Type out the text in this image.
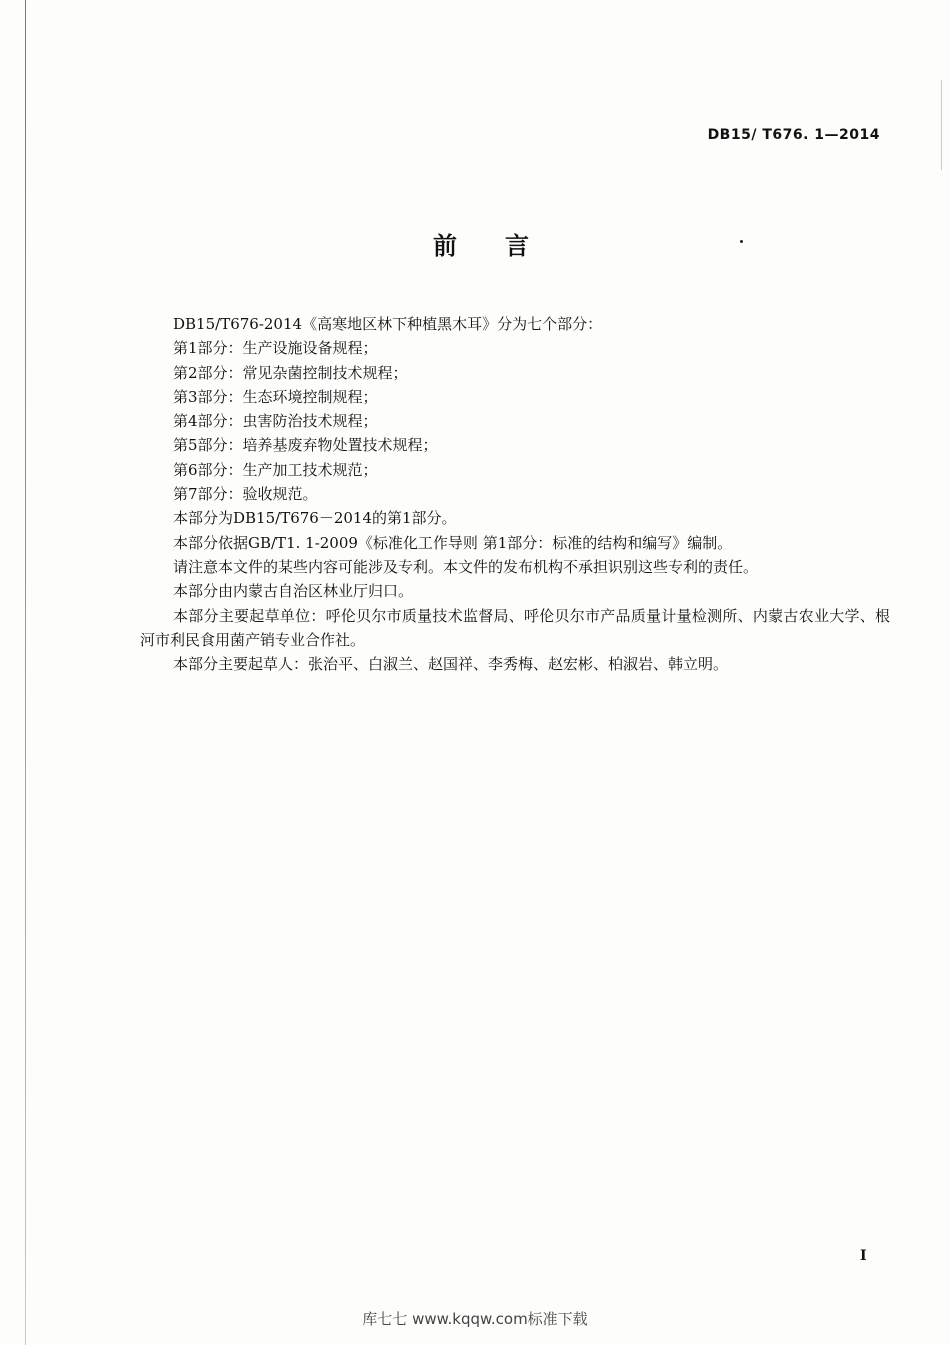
DB15/ T676. 1—2014
前言

DB15/T676-2014《高寒地区林下种植黑木耳》分为七个部分：

第1部分：生产设施设备规程；

第2部分：常见杂菌控制技术规程；

第3部分：生态环境控制规程；

第4部分：虫害防治技术规程；

第5部分：培养基废弃物处置技术规程；

第6部分：生产加工技术规范；

第7部分：验收规范。

本部分为DB15/T676－2014的第1部分。

本部分依据GB/T1. 1-2009《标准化工作导则 第1部分：标准的结构和编写》编制。

请注意本文件的某些内容可能涉及专利。本文件的发布机构不承担识别这些专利的责任。

本部分由内蒙古自治区林业厅归口。

本部分主要起草单位：呼伦贝尔市质量技术监督局、呼伦贝尔市产品质量计量检测所、内蒙古农业大学、根河市利民食用菌产销专业合作社。

本部分主要起草人：张治平、白淑兰、赵国祥、李秀梅、赵宏彬、柏淑岩、韩立明。

I
库七七 www.kqqw.com标准下载
